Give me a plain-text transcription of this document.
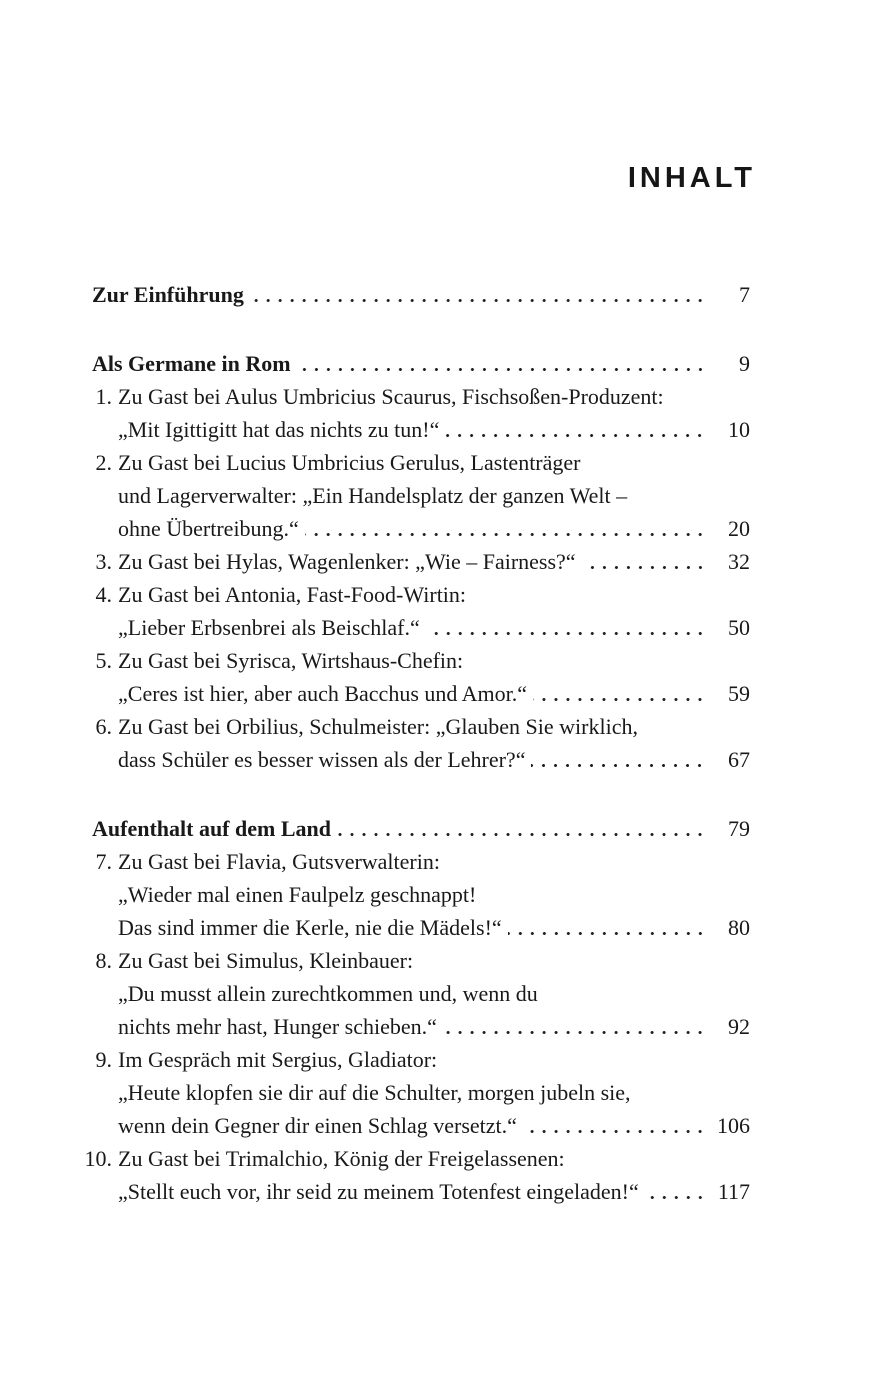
INHALT
Zur Einführung	7
Als Germane in Rom	9
1. Zu Gast bei Aulus Umbricius Scaurus, Fischsoßen-Produzent:
„Mit Igittigitt hat das nichts zu tun!“	10
2. Zu Gast bei Lucius Umbricius Gerulus, Lastenträger
und Lagerverwalter: „Ein Handelsplatz der ganzen Welt –
ohne Übertreibung.“	20
3. Zu Gast bei Hylas, Wagenlenker: „Wie – Fairness?“	32
4. Zu Gast bei Antonia, Fast-Food-Wirtin:
„Lieber Erbsenbrei als Beischlaf.“	50
5. Zu Gast bei Syrisca, Wirtshaus-Chefin:
„Ceres ist hier, aber auch Bacchus und Amor.“	59
6. Zu Gast bei Orbilius, Schulmeister: „Glauben Sie wirklich,
dass Schüler es besser wissen als der Lehrer?“	67
Aufenthalt auf dem Land	79
7. Zu Gast bei Flavia, Gutsverwalterin:
„Wieder mal einen Faulpelz geschnappt!
Das sind immer die Kerle, nie die Mädels!“	80
8. Zu Gast bei Simulus, Kleinbauer:
„Du musst allein zurechtkommen und, wenn du
nichts mehr hast, Hunger schieben.“	92
9. Im Gespräch mit Sergius, Gladiator:
„Heute klopfen sie dir auf die Schulter, morgen jubeln sie,
wenn dein Gegner dir einen Schlag versetzt.“	106
10. Zu Gast bei Trimalchio, König der Freigelassenen:
„Stellt euch vor, ihr seid zu meinem Totenfest eingeladen!“	117
